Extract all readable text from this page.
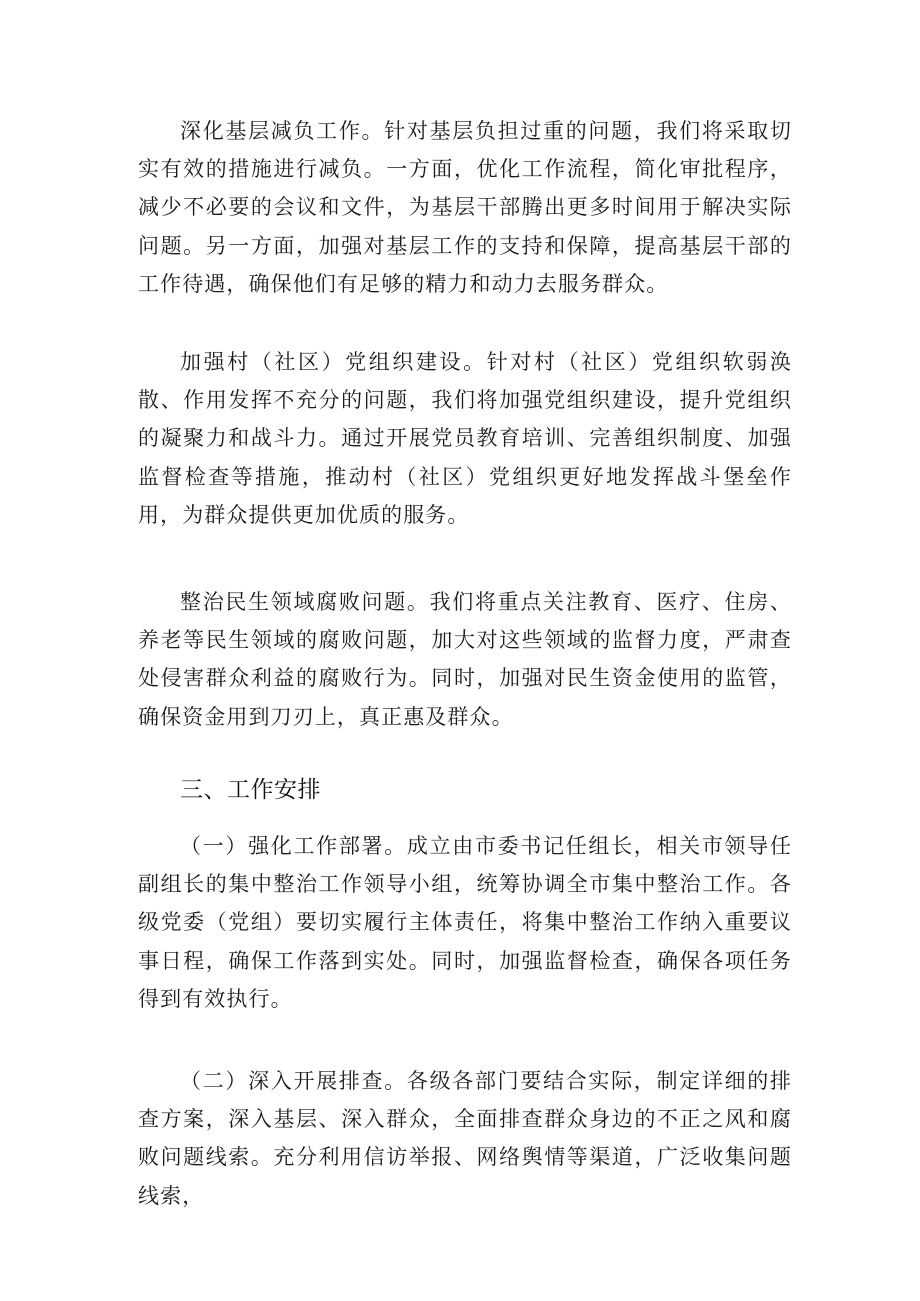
深化基层减负工作。针对基层负担过重的问题，我们将采取切实有效的措施进行减负。一方面，优化工作流程，简化审批程序，减少不必要的会议和文件，为基层干部腾出更多时间用于解决实际问题。另一方面，加强对基层工作的支持和保障，提高基层干部的工作待遇，确保他们有足够的精力和动力去服务群众。

加强村（社区）党组织建设。针对村（社区）党组织软弱涣散、作用发挥不充分的问题，我们将加强党组织建设，提升党组织的凝聚力和战斗力。通过开展党员教育培训、完善组织制度、加强监督检查等措施，推动村（社区）党组织更好地发挥战斗堡垒作用，为群众提供更加优质的服务。

整治民生领域腐败问题。我们将重点关注教育、医疗、住房、养老等民生领域的腐败问题，加大对这些领域的监督力度，严肃查处侵害群众利益的腐败行为。同时，加强对民生资金使用的监管，确保资金用到刀刃上，真正惠及群众。

三、工作安排

（一）强化工作部署。成立由市委书记任组长，相关市领导任副组长的集中整治工作领导小组，统筹协调全市集中整治工作。各级党委（党组）要切实履行主体责任，将集中整治工作纳入重要议事日程，确保工作落到实处。同时，加强监督检查，确保各项任务得到有效执行。

（二）深入开展排查。各级各部门要结合实际，制定详细的排查方案，深入基层、深入群众，全面排查群众身边的不正之风和腐败问题线索。充分利用信访举报、网络舆情等渠道，广泛收集问题线索，
